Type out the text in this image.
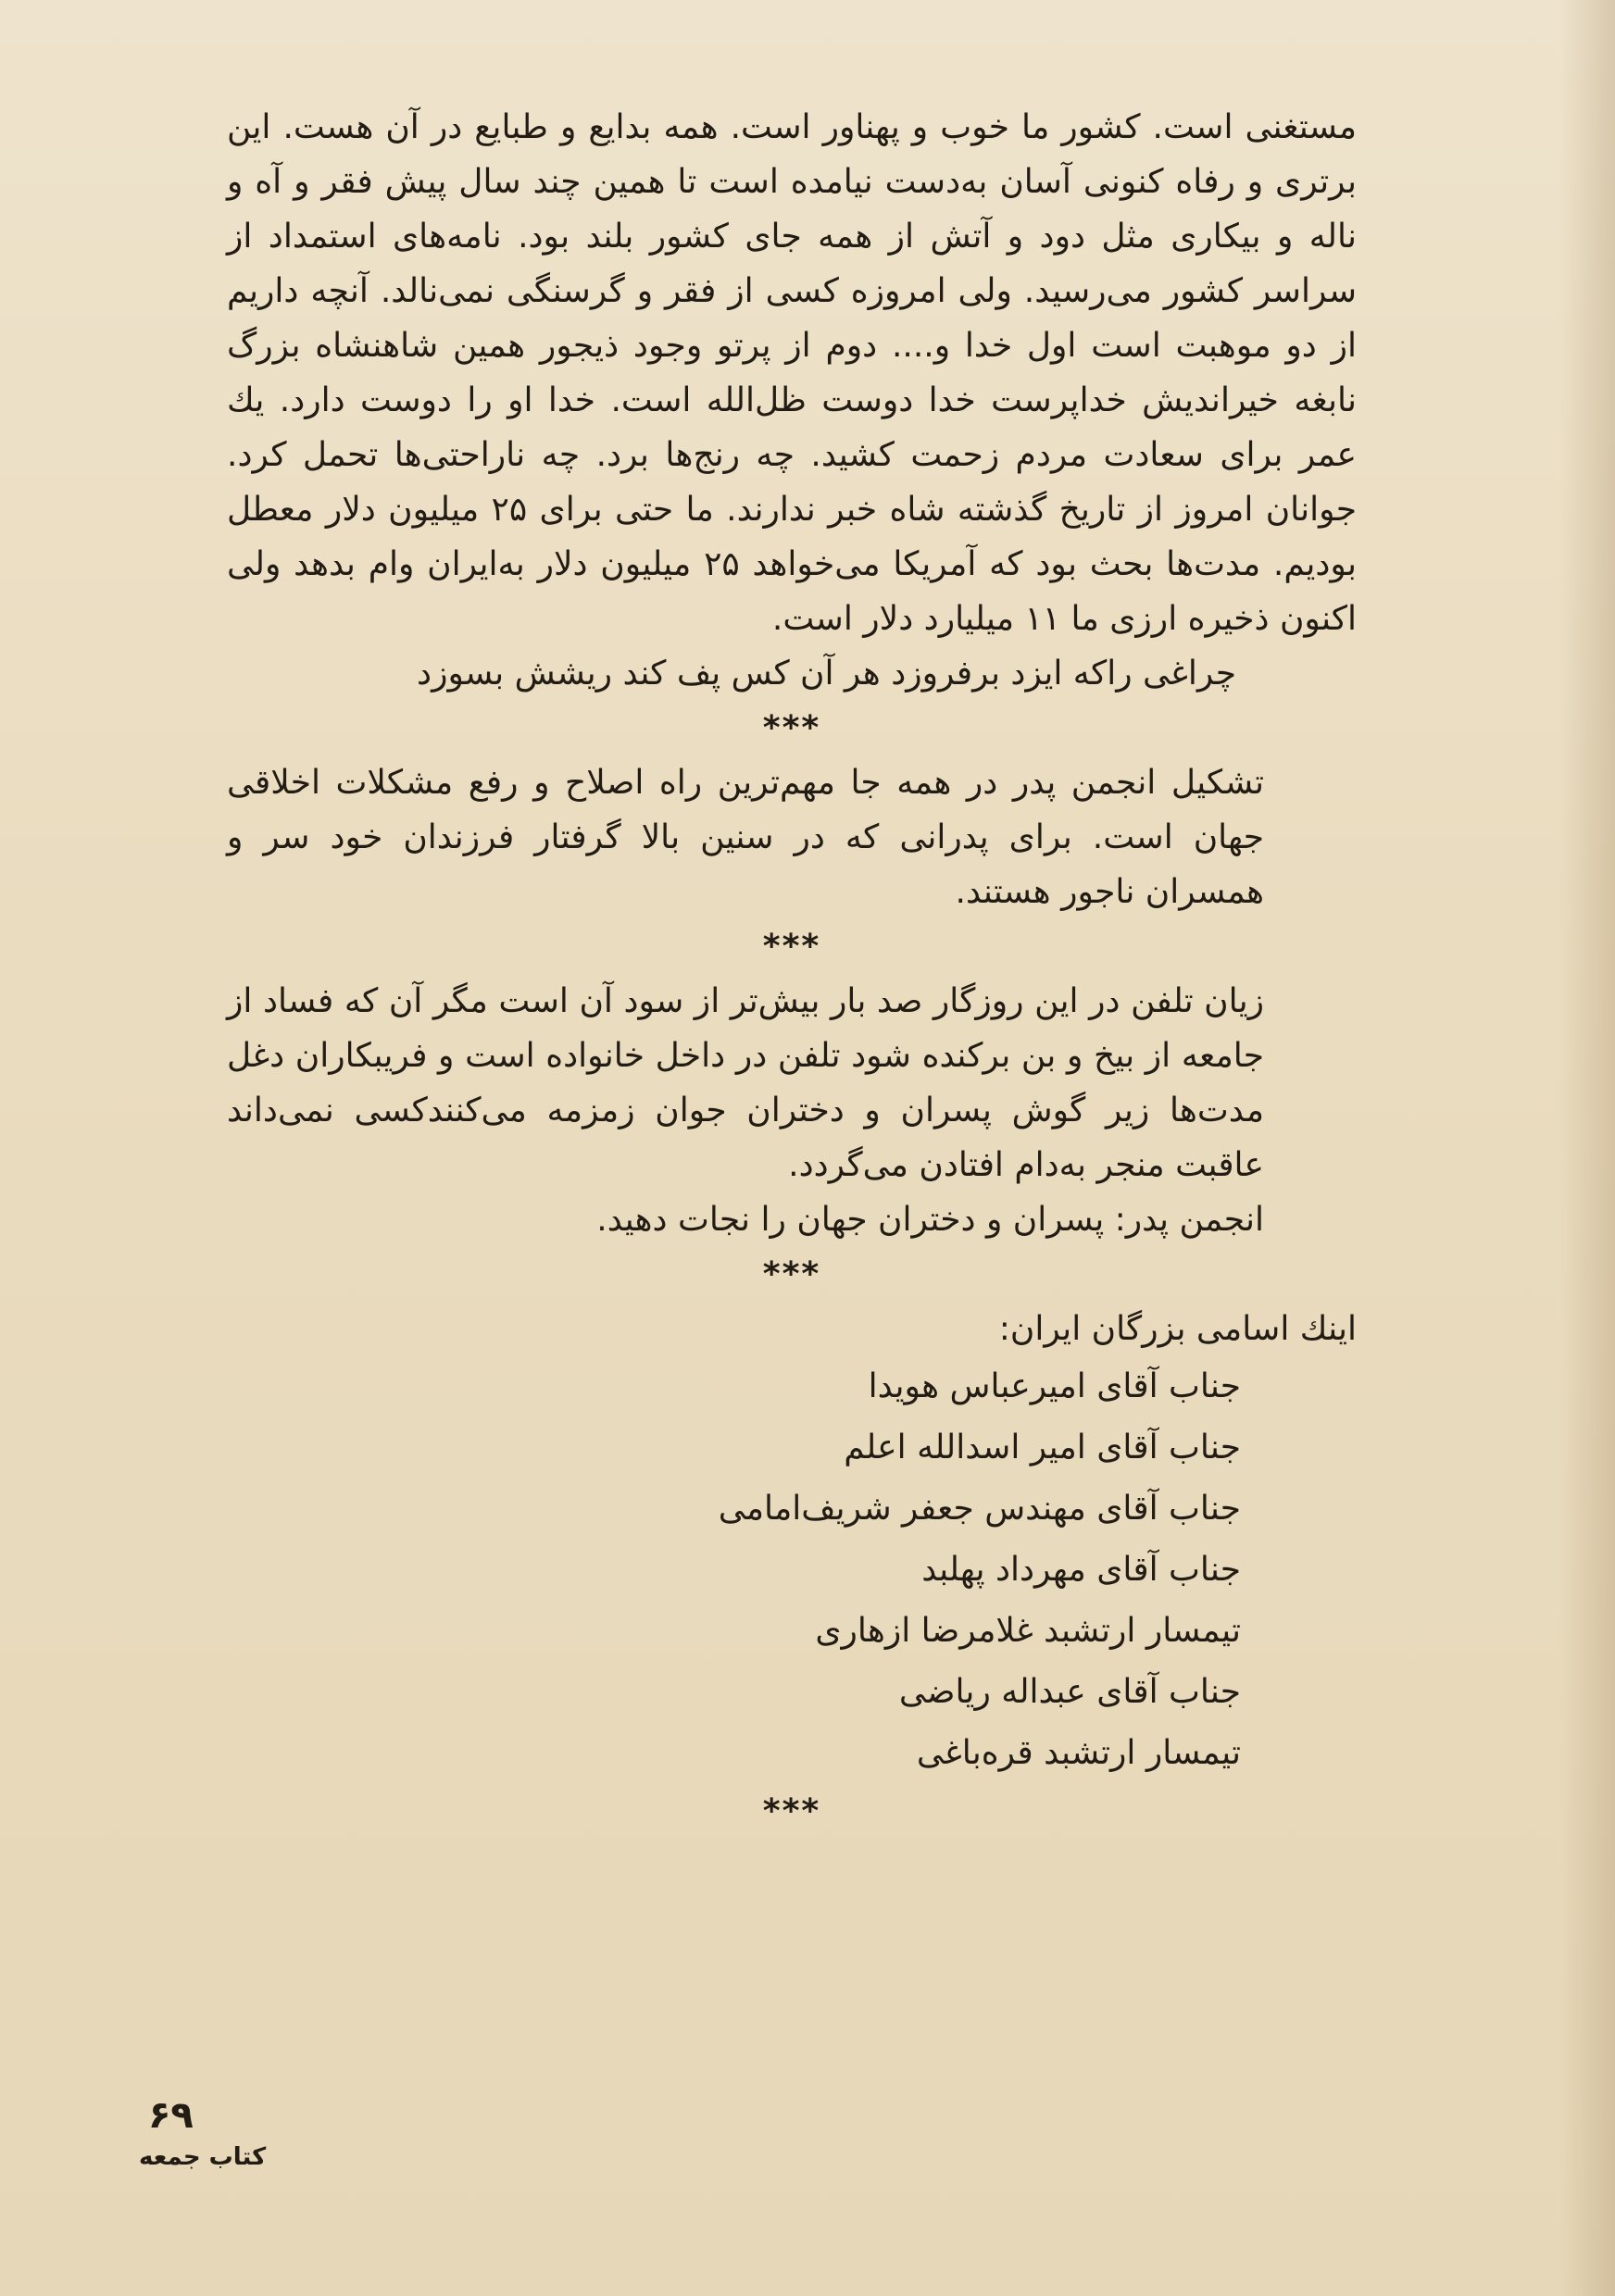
مستغنی است. کشور ما خوب و پهناور است. همه بدایع و طبایع در آن هست. این برتری و رفاه کنونی آسان به‌دست نیامده است تا همین چند سال پیش فقر و آه و ناله و بیکاری مثل دود و آتش از همه جای کشور بلند بود. نامه‌های استمداد از سراسر کشور می‌رسید. ولی امروزه کسی از فقر و گرسنگی نمی‌نالد. آنچه داریم از دو موهبت است اول خدا و.... دوم از پرتو وجود ذیجور همین شاهنشاه بزرگ نابغه خیراندیش خداپرست خدا دوست ظل‌الله است. خدا او را دوست دارد. یك عمر برای سعادت مردم زحمت کشید. چه رنج‌ها برد. چه ناراحتی‌ها تحمل کرد. جوانان امروز از تاریخ گذشته شاه خبر ندارند. ما حتی برای ۲۵ میلیون دلار معطل بودیم. مدت‌ها بحث بود که آمریکا می‌خواهد ۲۵ میلیون دلار به‌ایران وام بدهد ولی اکنون ذخیره ارزی ما ۱۱ میلیارد دلار است.

چراغی راکه ایزد برفروزد هر آن کس پف کند ریشش بسوزد

***

تشکیل انجمن پدر در همه جا مهم‌ترین راه اصلاح و رفع مشکلات اخلاقی جهان است. برای پدرانی که در سنین بالا گرفتار فرزندان خود سر و همسران ناجور هستند.

***

زیان تلفن در این روزگار صد بار بیش‌تر از سود آن است مگر آن که فساد از جامعه از بیخ و بن برکنده شود تلفن در داخل خانواده است و فریبکاران دغل مدت‌ها زیر گوش پسران و دختران جوان زمزمه می‌کنندکسی نمی‌داند عاقبت منجر به‌دام افتادن می‌گردد.

انجمن پدر: پسران و دختران جهان را نجات دهید.

***

اینك اسامی بزرگان ایران:

جناب آقای امیرعباس هویدا
جناب آقای امیر اسدالله اعلم
جناب آقای مهندس جعفر شریف‌امامی
جناب آقای مهرداد پهلبد
تیمسار ارتشبد غلامرضا ازهاری
جناب آقای عبداله ریاضی
تیمسار ارتشبد قره‌باغی

***

۶۹
کتاب جمعه
